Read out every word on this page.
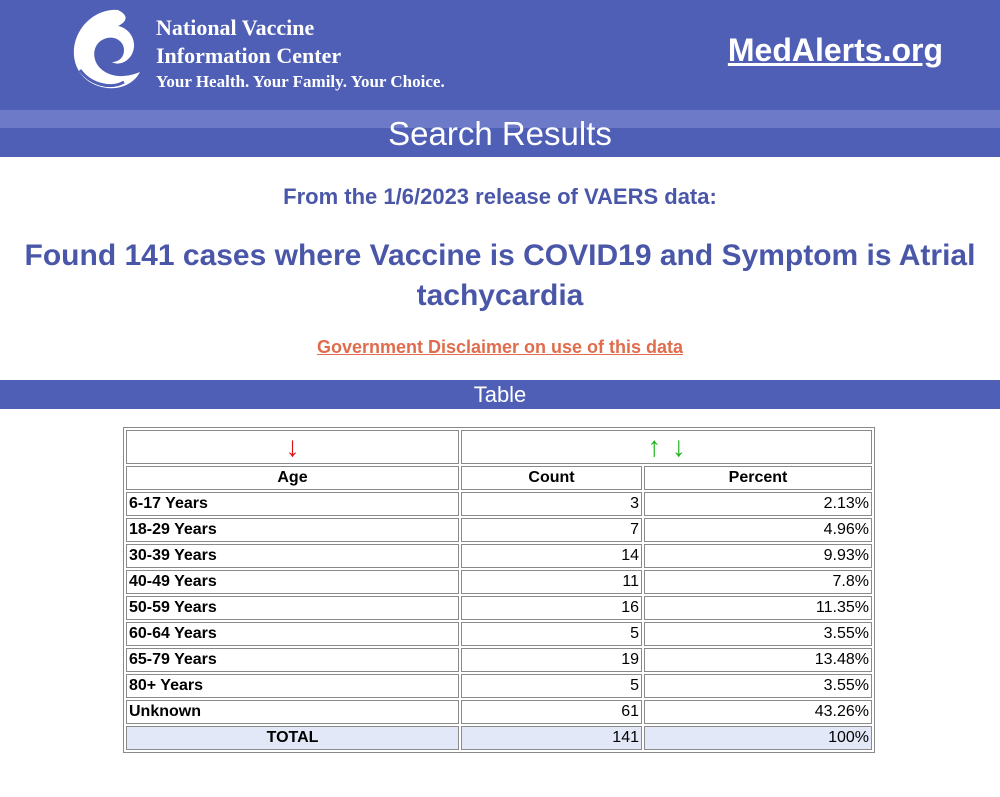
National Vaccine
Information Center
Your Health. Your Family. Your Choice.
MedAlerts.org
Search Results
From the 1/6/2023 release of VAERS data:
Found 141 cases where Vaccine is COVID19 and Symptom is Atrial tachycardia
Government Disclaimer on use of this data
Table
↓	↑ ↓	
Age	Count	Percent
6-17 Years	3	2.13%
18-29 Years	7	4.96%
30-39 Years	14	9.93%
40-49 Years	11	7.8%
50-59 Years	16	11.35%
60-64 Years	5	3.55%
65-79 Years	19	13.48%
80+ Years	5	3.55%
Unknown	61	43.26%
TOTAL	141	100%
